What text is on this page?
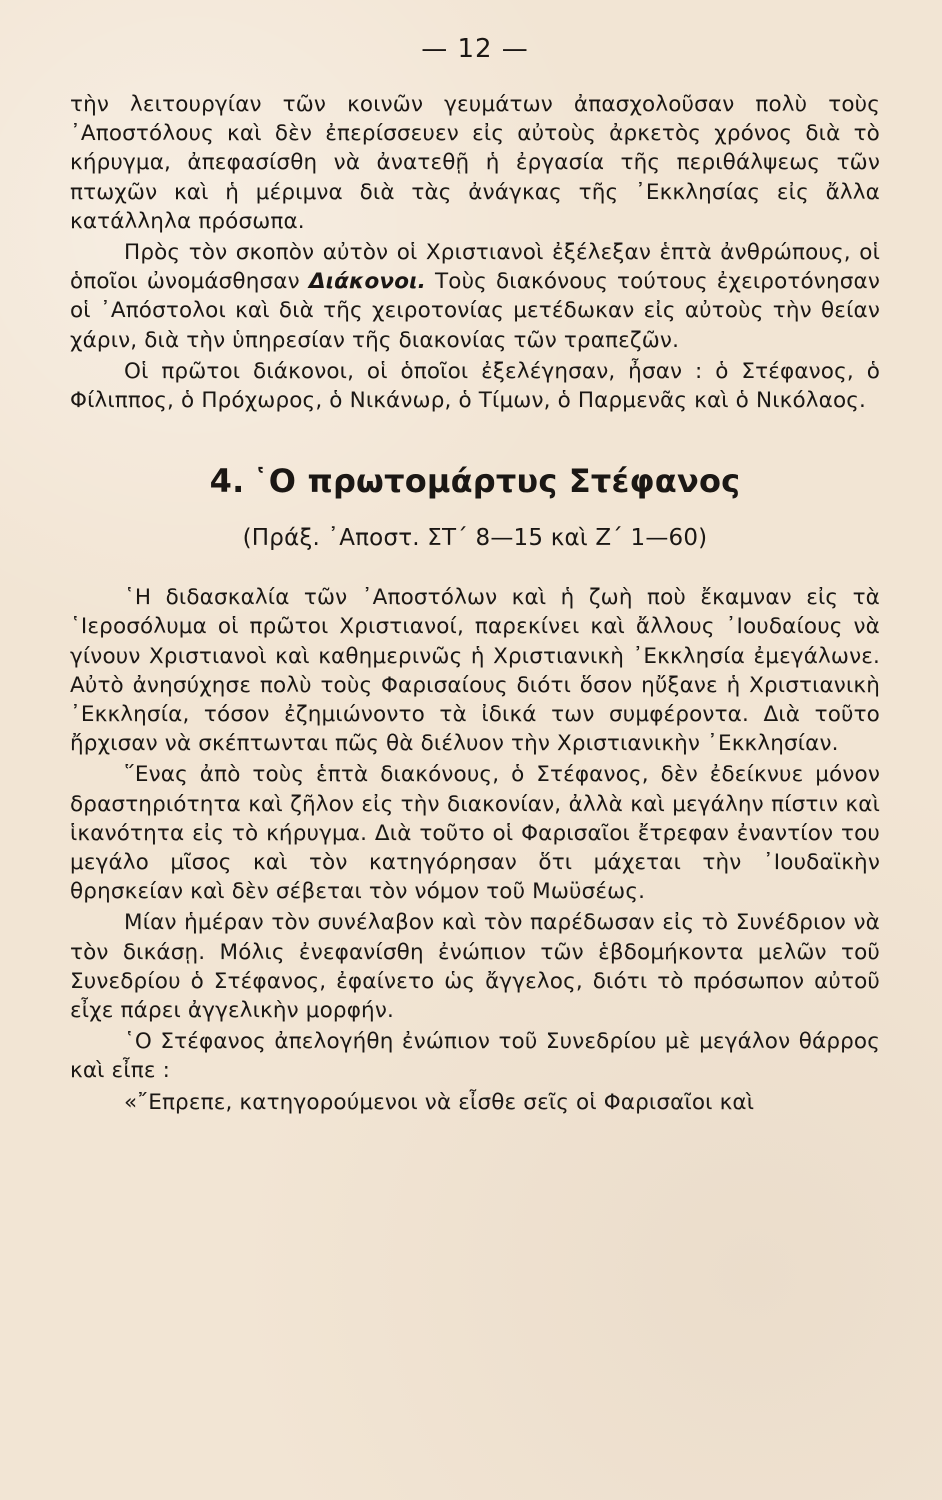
— 12 —

τὴν λειτουργίαν τῶν κοινῶν γευμάτων ἀπασχολοῦσαν πολὺ τοὺς ᾿Αποστόλους καὶ δὲν ἐπερίσσευεν εἰς αὐτοὺς ἀρκετὸς χρόνος διὰ τὸ κήρυγμα, ἀπεφασίσθη νὰ ἀνατεθῇ ἡ ἐργασία τῆς περιθάλψεως τῶν πτωχῶν καὶ ἡ μέριμνα διὰ τὰς ἀνάγκας τῆς ᾿Εκκλησίας εἰς ἄλλα κατάλληλα πρόσωπα.

Πρὸς τὸν σκοπὸν αὐτὸν οἱ Χριστιανοὶ ἐξέλεξαν ἑπτὰ ἀνθρώπους, οἱ ὁποῖοι ὠνομάσθησαν Διάκονοι. Τοὺς διακόνους τούτους ἐχειροτόνησαν οἱ ᾿Απόστολοι καὶ διὰ τῆς χειροτονίας μετέδωκαν εἰς αὐτοὺς τὴν θείαν χάριν, διὰ τὴν ὑπηρεσίαν τῆς διακονίας τῶν τραπεζῶν.

Οἱ πρῶτοι διάκονοι, οἱ ὁποῖοι ἐξελέγησαν, ἦσαν : ὁ Στέφανος, ὁ Φίλιππος, ὁ Πρόχωρος, ὁ Νικάνωρ, ὁ Τίμων, ὁ Παρμενᾶς καὶ ὁ Νικόλαος.

4. ῾Ο πρωτομάρτυς Στέφανος
(Πράξ. ᾿Αποστ. ΣΤ΄ 8—15 καὶ Ζ΄ 1—60)

῾Η διδασκαλία τῶν ᾿Αποστόλων καὶ ἡ ζωὴ ποὺ ἔκαμναν εἰς τὰ ῾Ιεροσόλυμα οἱ πρῶτοι Χριστιανοί, παρεκίνει καὶ ἄλλους ᾿Ιουδαίους νὰ γίνουν Χριστιανοὶ καὶ καθημερινῶς ἡ Χριστιανικὴ ᾿Εκκλησία ἐμεγάλωνε. Αὐτὸ ἀνησύχησε πολὺ τοὺς Φαρισαίους διότι ὅσον ηὔξανε ἡ Χριστιανικὴ ᾿Εκκλησία, τόσον ἐζημιώνοντο τὰ ἰδικά των συμφέροντα. Διὰ τοῦτο ἤρχισαν νὰ σκέπτωνται πῶς θὰ διέλυον τὴν Χριστιανικὴν ᾿Εκκλησίαν.

῞Ενας ἀπὸ τοὺς ἑπτὰ διακόνους, ὁ Στέφανος, δὲν ἐδείκνυε μόνον δραστηριότητα καὶ ζῆλον εἰς τὴν διακονίαν, ἀλλὰ καὶ μεγάλην πίστιν καὶ ἱκανότητα εἰς τὸ κήρυγμα. Διὰ τοῦτο οἱ Φαρισαῖοι ἔτρεφαν ἐναντίον του μεγάλο μῖσος καὶ τὸν κατηγόρησαν ὅτι μάχεται τὴν ᾿Ιουδαϊκὴν θρησκείαν καὶ δὲν σέβεται τὸν νόμον τοῦ Μωϋσέως.

Μίαν ἡμέραν τὸν συνέλαβον καὶ τὸν παρέδωσαν εἰς τὸ Συνέδριον νὰ τὸν δικάσῃ. Μόλις ἐνεφανίσθη ἐνώπιον τῶν ἑβδομήκοντα μελῶν τοῦ Συνεδρίου ὁ Στέφανος, ἐφαίνετο ὡς ἄγγελος, διότι τὸ πρόσωπον αὐτοῦ εἶχε πάρει ἀγγελικὴν μορφήν.

῾Ο Στέφανος ἀπελογήθη ἐνώπιον τοῦ Συνεδρίου μὲ μεγάλον θάρρος καὶ εἶπε :

«῎Επρεπε, κατηγορούμενοι νὰ εἶσθε σεῖς οἱ Φαρισαῖοι καὶ
